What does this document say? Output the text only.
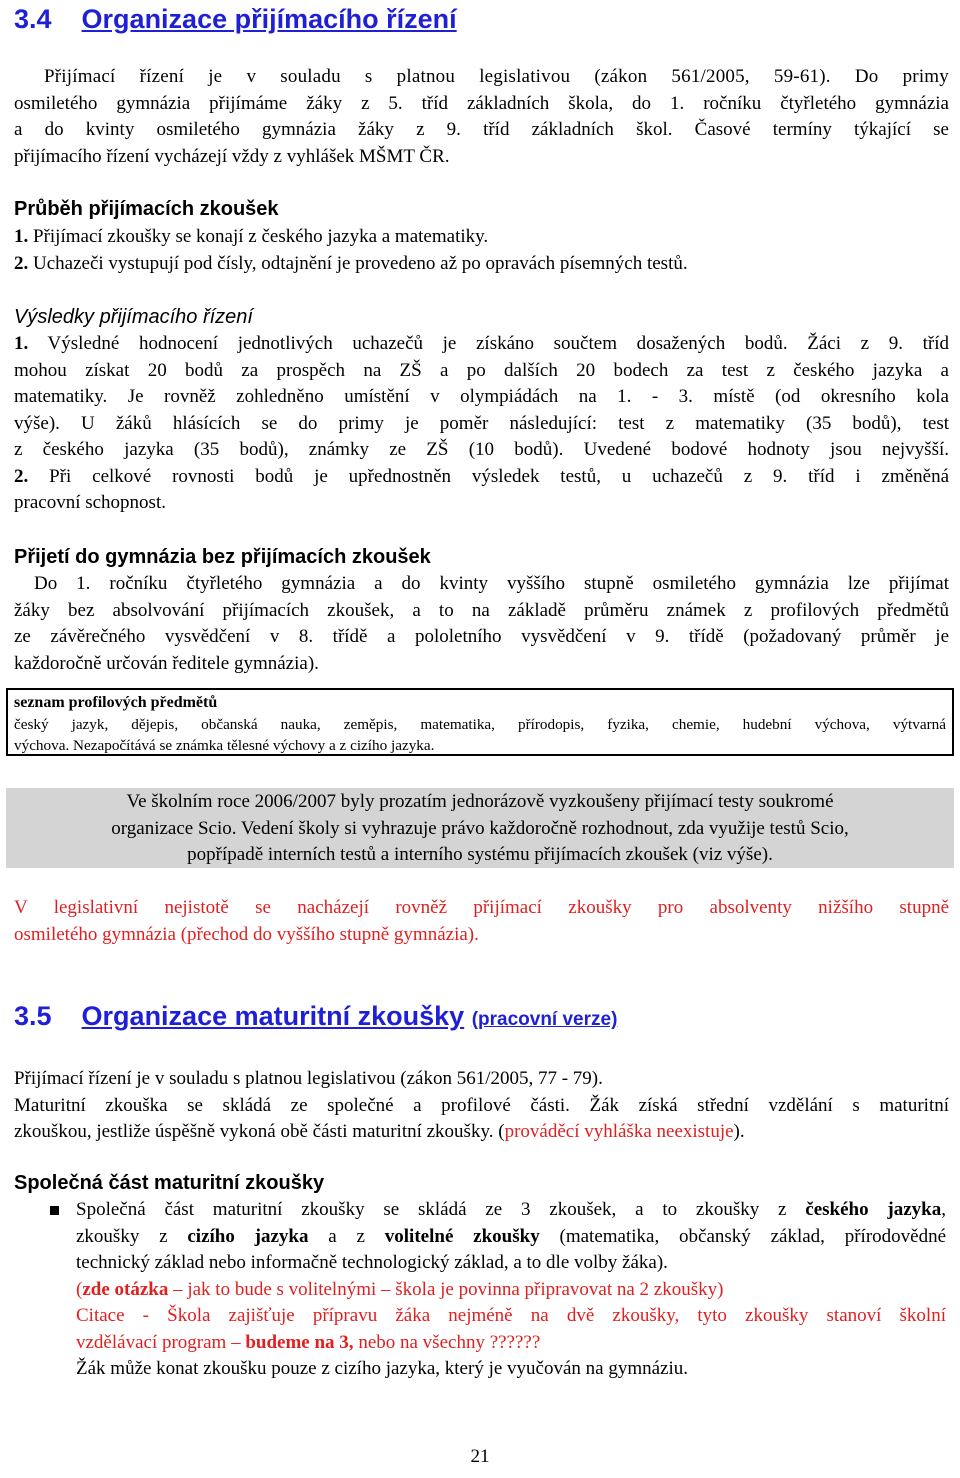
3.4 Organizace přijímacího řízení
Přijímací řízení je v souladu s platnou legislativou (zákon 561/2005, 59-61). Do primy
osmiletého gymnázia přijímáme žáky z 5. tříd základních škola, do 1. ročníku čtyřletého gymnázia
a do kvinty osmiletého gymnázia žáky z 9. tříd základních škol. Časové termíny týkající se
přijímacího řízení vycházejí vždy z vyhlášek MŠMT ČR.
Průběh přijímacích zkoušek
1. Přijímací zkoušky se konají z českého jazyka a matematiky.
2. Uchazeči vystupují pod čísly, odtajnění je provedeno až po opravách písemných testů.
Výsledky přijímacího řízení
1. Výsledné hodnocení jednotlivých uchazečů je získáno součtem dosažených bodů. Žáci z 9. tříd
mohou získat 20 bodů za prospěch na ZŠ a po dalších 20 bodech za test z českého jazyka a
matematiky. Je rovněž zohledněno umístění v olympiádách na 1. - 3. místě (od okresního kola
výše). U žáků hlásících se do primy je poměr následující: test z matematiky (35 bodů), test
z českého jazyka (35 bodů), známky ze ZŠ (10 bodů). Uvedené bodové hodnoty jsou nejvyšší.
2. Při celkové rovnosti bodů je upřednostněn výsledek testů, u uchazečů z 9. tříd i změněná
pracovní schopnost.
Přijetí do gymnázia bez přijímacích zkoušek
Do 1. ročníku čtyřletého gymnázia a do kvinty vyššího stupně osmiletého gymnázia lze přijímat
žáky bez absolvování přijímacích zkoušek, a to na základě průměru známek z profilových předmětů
ze závěrečného vysvědčení v 8. třídě a pololetního vysvědčení v 9. třídě (požadovaný průměr je
každoročně určován ředitele gymnázia).
seznam profilových předmětů
český jazyk, dějepis, občanská nauka, zeměpis, matematika, přírodopis, fyzika, chemie, hudební výchova, výtvarná
výchova. Nezapočítává se známka tělesné výchovy a z cizího jazyka.
Ve školním roce 2006/2007 byly prozatím jednorázově vyzkoušeny přijímací testy soukromé
organizace Scio. Vedení školy si vyhrazuje právo každoročně rozhodnout, zda využije testů Scio,
popřípadě interních testů a interního systému přijímacích zkoušek (viz výše).
V legislativní nejistotě se nacházejí rovněž přijímací zkoušky pro absolventy nižšího stupně
osmiletého gymnázia (přechod do vyššího stupně gymnázia).
3.5 Organizace maturitní zkoušky (pracovní verze)
Přijímací řízení je v souladu s platnou legislativou (zákon 561/2005, 77 - 79).
Maturitní zkouška se skládá ze společné a profilové části. Žák získá střední vzdělání s maturitní
zkouškou, jestliže úspěšně vykoná obě části maturitní zkoušky. (prováděcí vyhláška neexistuje).
Společná část maturitní zkoušky
Společná část maturitní zkoušky se skládá ze 3 zkoušek, a to zkoušky z českého jazyka,
zkoušky z cizího jazyka a z volitelné zkoušky (matematika, občanský základ, přírodovědné
technický základ nebo informačně technologický základ, a to dle volby žáka).
(zde otázka – jak to bude s volitelnými – škola je povinna připravovat na 2 zkoušky)
Citace - Škola zajišťuje přípravu žáka nejméně na dvě zkoušky, tyto zkoušky stanoví školní
vzdělávací program – budeme na 3, nebo na všechny ??????
Žák může konat zkoušku pouze z cizího jazyka, který je vyučován na gymnáziu.
21
